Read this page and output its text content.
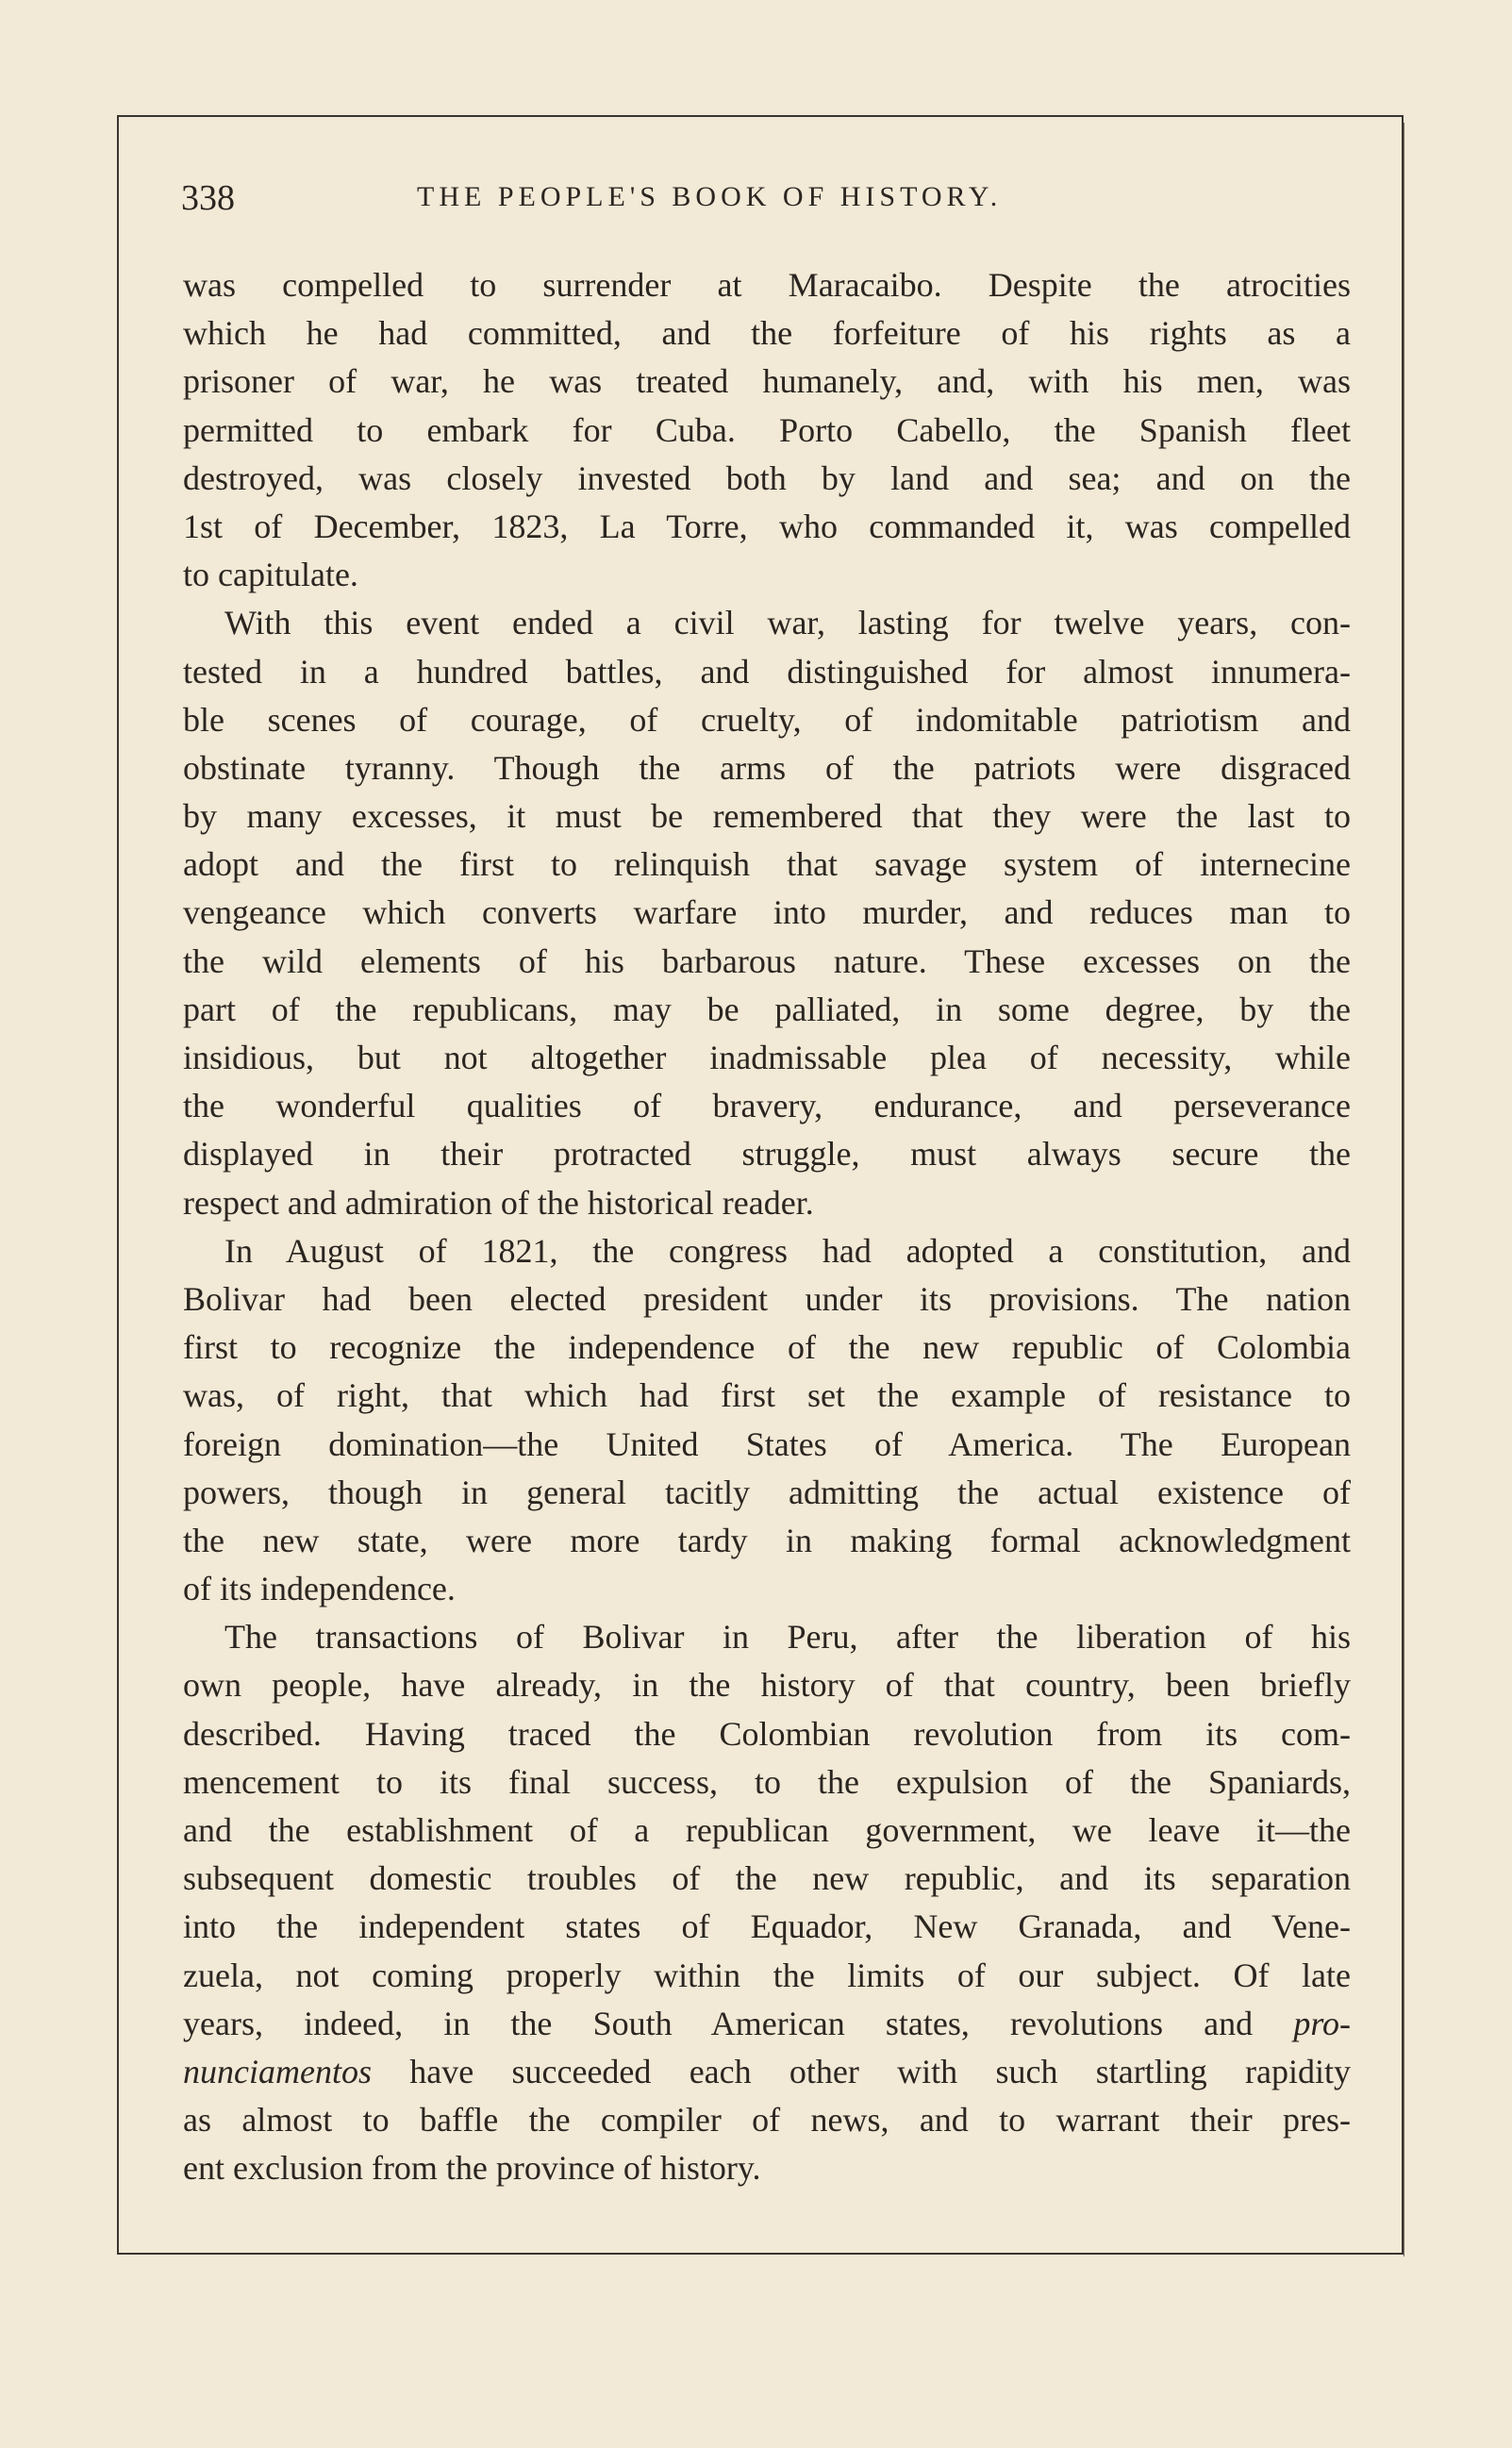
338	THE PEOPLE'S BOOK OF HISTORY.
was compelled to surrender at Maracaibo. Despite the atrocities
which he had committed, and the forfeiture of his rights as a
prisoner of war, he was treated humanely, and, with his men, was
permitted to embark for Cuba. Porto Cabello, the Spanish fleet
destroyed, was closely invested both by land and sea; and on the
1st of December, 1823, La Torre, who commanded it, was compelled
to capitulate.
With this event ended a civil war, lasting for twelve years, con-
tested in a hundred battles, and distinguished for almost innumera-
ble scenes of courage, of cruelty, of indomitable patriotism and
obstinate tyranny. Though the arms of the patriots were disgraced
by many excesses, it must be remembered that they were the last to
adopt and the first to relinquish that savage system of internecine
vengeance which converts warfare into murder, and reduces man to
the wild elements of his barbarous nature. These excesses on the
part of the republicans, may be palliated, in some degree, by the
insidious, but not altogether inadmissable plea of necessity, while
the wonderful qualities of bravery, endurance, and perseverance
displayed in their protracted struggle, must always secure the
respect and admiration of the historical reader.
In August of 1821, the congress had adopted a constitution, and
Bolivar had been elected president under its provisions. The nation
first to recognize the independence of the new republic of Colombia
was, of right, that which had first set the example of resistance to
foreign domination—the United States of America. The European
powers, though in general tacitly admitting the actual existence of
the new state, were more tardy in making formal acknowledgment
of its independence.
The transactions of Bolivar in Peru, after the liberation of his
own people, have already, in the history of that country, been briefly
described. Having traced the Colombian revolution from its com-
mencement to its final success, to the expulsion of the Spaniards,
and the establishment of a republican government, we leave it—the
subsequent domestic troubles of the new republic, and its separation
into the independent states of Equador, New Granada, and Vene-
zuela, not coming properly within the limits of our subject. Of late
years, indeed, in the South American states, revolutions and pro-
nunciamentos have succeeded each other with such startling rapidity
as almost to baffle the compiler of news, and to warrant their pres-
ent exclusion from the province of history.
